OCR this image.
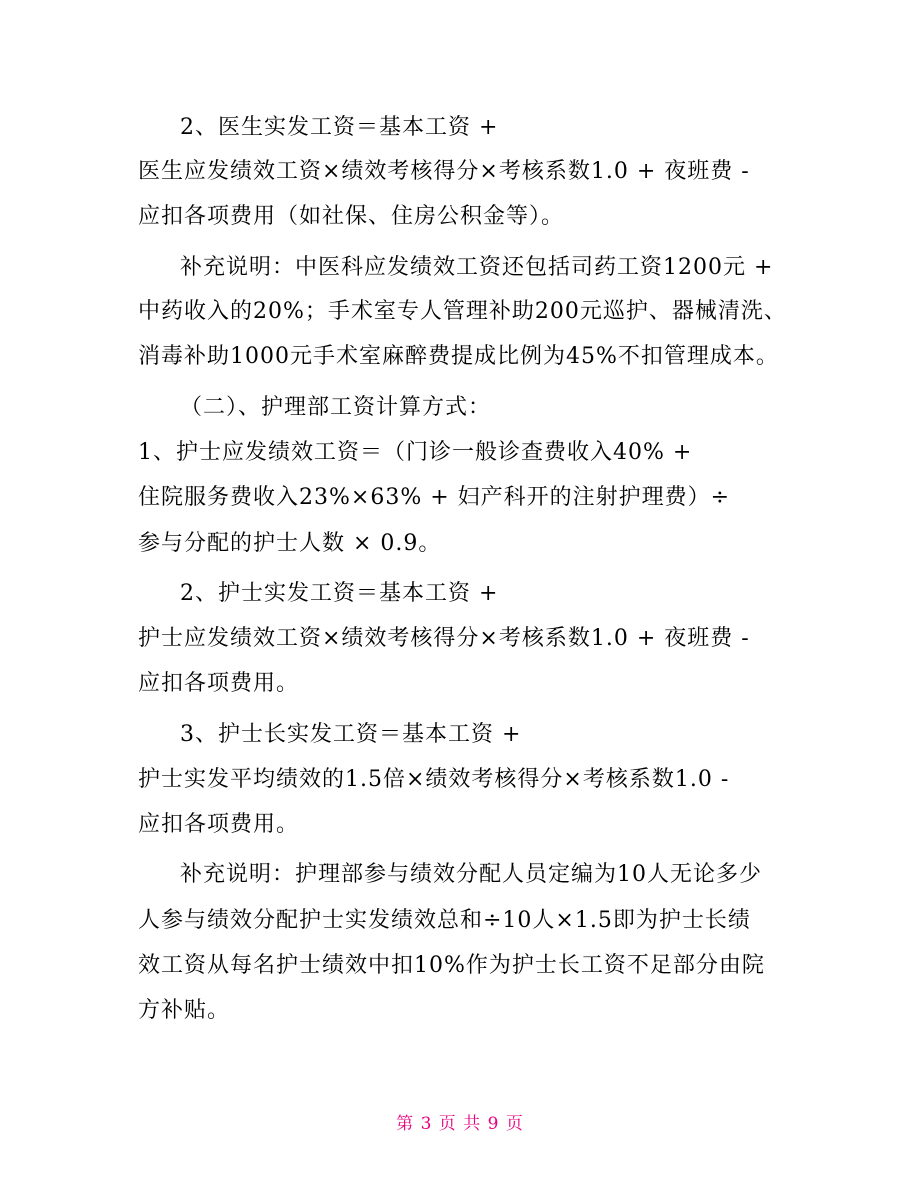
2、医生实发工资＝基本工资 +
医生应发绩效工资×绩效考核得分×考核系数1.0 + 夜班费 -
应扣各项费用（如社保、住房公积金等）。
补充说明：中医科应发绩效工资还包括司药工资1200元 +
中药收入的20%；手术室专人管理补助200元巡护、器械清洗、
消毒补助1000元手术室麻醉费提成比例为45%不扣管理成本。
（二）、护理部工资计算方式：
1、护士应发绩效工资＝（门诊一般诊查费收入40% +
住院服务费收入23%×63% + 妇产科开的注射护理费）÷
参与分配的护士人数 × 0.9。
2、护士实发工资＝基本工资 +
护士应发绩效工资×绩效考核得分×考核系数1.0 + 夜班费 -
应扣各项费用。
3、护士长实发工资＝基本工资 +
护士实发平均绩效的1.5倍×绩效考核得分×考核系数1.0 -
应扣各项费用。
补充说明：护理部参与绩效分配人员定编为10人无论多少
人参与绩效分配护士实发绩效总和÷10人×1.5即为护士长绩
效工资从每名护士绩效中扣10%作为护士长工资不足部分由院
方补贴。
第 3 页 共 9 页
